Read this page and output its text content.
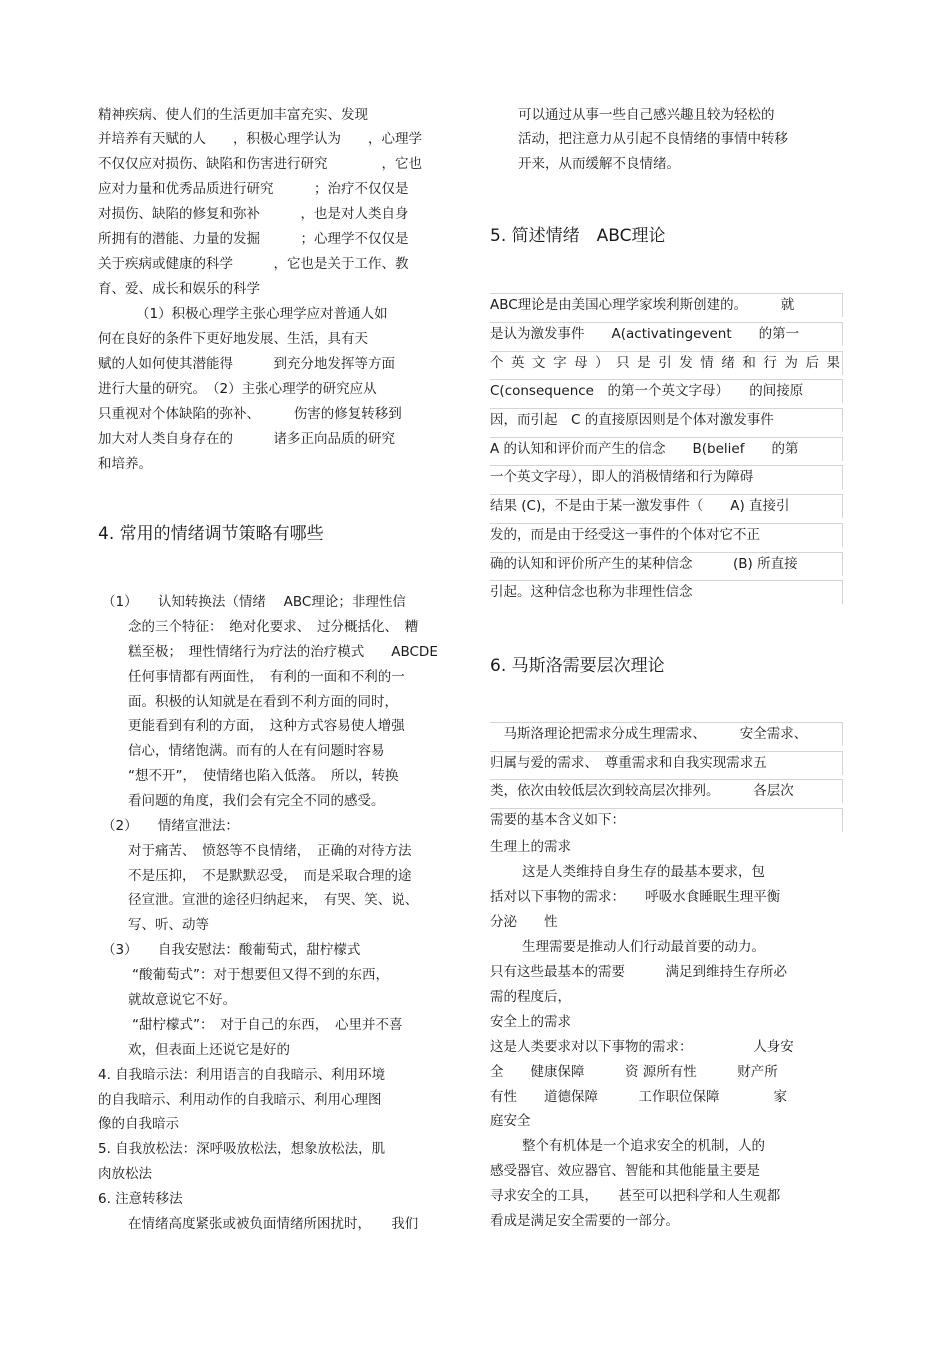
精神疾病、使人们的生活更加丰富充实、发现
并培养有天赋的人　　，积极心理学认为　　，心理学
不仅仅应对损伤、缺陷和伤害进行研究　　　　，它也
应对力量和优秀品质进行研究　　　；治疗不仅仅是
对损伤、缺陷的修复和弥补　　　，也是对人类自身
所拥有的潜能、力量的发掘　　　；心理学不仅仅是
关于疾病或健康的科学　　　，它也是关于工作、教
育、爱、成长和娱乐的科学
（1）积极心理学主张心理学应对普通人如
何在良好的条件下更好地发展、生活，具有天
赋的人如何使其潜能得　　　到充分地发挥等方面
进行大量的研究。　（2）主张心理学的研究应从
只重视对个体缺陷的弥补、　　　伤害的修复转移到
加大对人类自身存在的　　　诸多正向品质的研究
和培养。
4. 常用的情绪调节策略有哪些
（1）　　认知转换法（情绪　 ABC理论；非理性信
念的三个特征：　绝对化要求、　过分概括化、　糟
糕至极；　理性情绪行为疗法的治疗模式　　ABCDE
任何事情都有两面性，　有利的一面和不利的一
面。积极的认知就是在看到不利方面的同时，
更能看到有利的方面，　这种方式容易使人增强
信心，情绪饱满。而有的人在有问题时容易
“想不开”，　使情绪也陷入低落。　所以，转换
看问题的角度，我们会有完全不同的感受。
（2）　　情绪宣泄法：
对于痛苦、　愤怒等不良情绪，　正确的对待方法
不是压抑，　不是默默忍受，　而是采取合理的途
径宣泄。宣泄的途径归纳起来，　有哭、笑、说、
写、听、动等
（3）　　自我安慰法：酸葡萄式，甜柠檬式
“酸葡萄式”：对于想要但又得不到的东西，
就故意说它不好。
“甜柠檬式”：　对于自己的东西，　心里并不喜
欢，但表面上还说它是好的
4. 自我暗示法：利用语言的自我暗示、利用环境
的自我暗示、利用动作的自我暗示、利用心理图
像的自我暗示
5. 自我放松法：深呼吸放松法，想象放松法，肌
肉放松法
6. 注意转移法
在情绪高度紧张或被负面情绪所困扰时，　　我们
可以通过从事一些自己感兴趣且较为轻松的
活动，把注意力从引起不良情绪的事情中转移
开来，从而缓解不良情绪。
5. 简述情绪　ABC理论
ABC理论是由美国心理学家埃利斯创建的。　　　就
是认为激发事件　　A(activatingevent　　的第一
个英文字母）只是引发情绪和行为后果
C(consequence　的第一个英文字母）　　的间接原
因，而引起　C 的直接原因则是个体对激发事件
A 的认知和评价而产生的信念　　B(belief　　的第
一个英文字母），即人的消极情绪和行为障碍
结果 (C)，不是由于某一激发事件（　　A) 直接引
发的，而是由于经受这一事件的个体对它不正
确的认知和评价所产生的某种信念　　　(B) 所直接
引起。这种信念也称为非理性信念
6. 马斯洛需要层次理论
　马斯洛理论把需求分成生理需求、　　　安全需求、
归属与爱的需求、　尊重需求和自我实现需求五
类，依次由较低层次到较高层次排列。　　　各层次
需要的基本含义如下：
生理上的需求
这是人类维持自身生存的最基本要求，包
括对以下事物的需求：　　呼吸水食睡眠生理平衡
分泌　　性
生理需要是推动人们行动最首要的动力。
只有这些最基本的需要　　　满足到维持生存所必
需的程度后，
安全上的需求
这是人类要求对以下事物的需求：　　　　　人身安
全　　健康保障　　　资 源所有性　　　财产所
有性　　道德保障　　　工作职位保障　　　　家
庭安全
整个有机体是一个追求安全的机制，人的
感受器官、效应器官、智能和其他能量主要是
寻求安全的工具，　　甚至可以把科学和人生观都
看成是满足安全需要的一部分。
